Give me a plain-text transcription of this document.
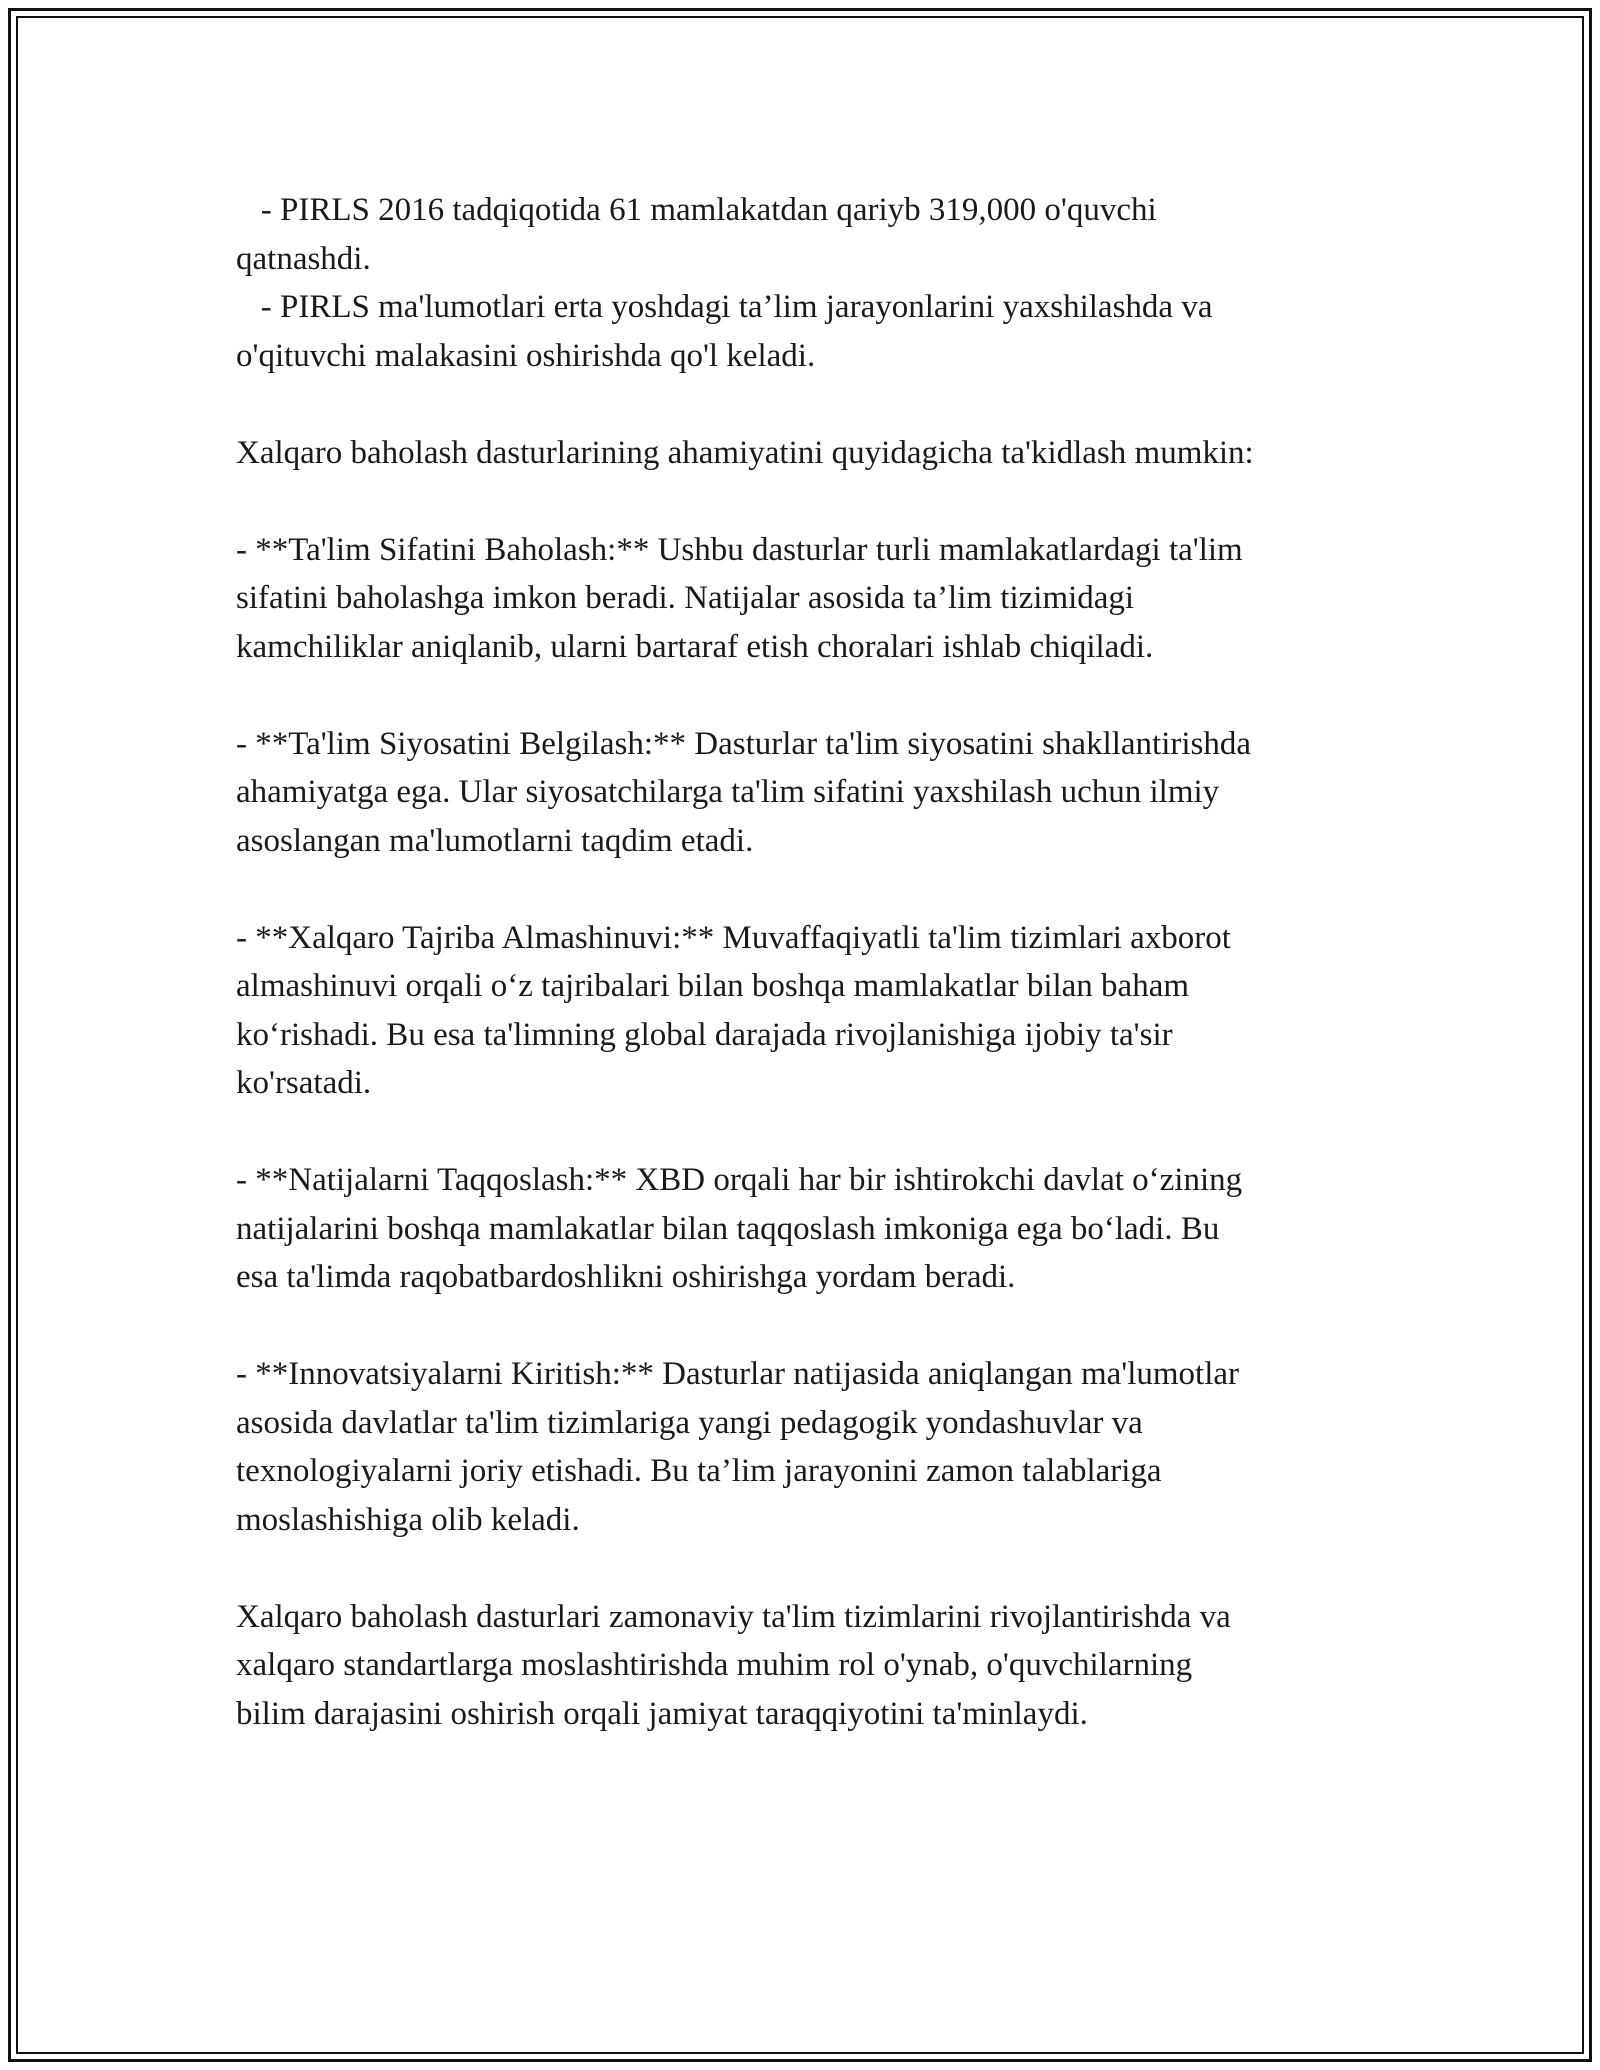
- PIRLS 2016 tadqiqotida 61 mamlakatdan qariyb 319,000 o'quvchi
qatnashdi.
- PIRLS ma'lumotlari erta yoshdagi ta’lim jarayonlarini yaxshilashda va
o'qituvchi malakasini oshirishda qo'l keladi.
Xalqaro baholash dasturlarining ahamiyatini quyidagicha ta'kidlash mumkin:
- **Ta'lim Sifatini Baholash:** Ushbu dasturlar turli mamlakatlardagi ta'lim
sifatini baholashga imkon beradi. Natijalar asosida ta’lim tizimidagi
kamchiliklar aniqlanib, ularni bartaraf etish choralari ishlab chiqiladi.
- **Ta'lim Siyosatini Belgilash:** Dasturlar ta'lim siyosatini shakllantirishda
ahamiyatga ega. Ular siyosatchilarga ta'lim sifatini yaxshilash uchun ilmiy
asoslangan ma'lumotlarni taqdim etadi.
- **Xalqaro Tajriba Almashinuvi:** Muvaffaqiyatli ta'lim tizimlari axborot
almashinuvi orqali oʻz tajribalari bilan boshqa mamlakatlar bilan baham
koʻrishadi. Bu esa ta'limning global darajada rivojlanishiga ijobiy ta'sir
ko'rsatadi.
- **Natijalarni Taqqoslash:** XBD orqali har bir ishtirokchi davlat oʻzining
natijalarini boshqa mamlakatlar bilan taqqoslash imkoniga ega boʻladi. Bu
esa ta'limda raqobatbardoshlikni oshirishga yordam beradi.
- **Innovatsiyalarni Kiritish:** Dasturlar natijasida aniqlangan ma'lumotlar
asosida davlatlar ta'lim tizimlariga yangi pedagogik yondashuvlar va
texnologiyalarni joriy etishadi. Bu ta’lim jarayonini zamon talablariga
moslashishiga olib keladi.
Xalqaro baholash dasturlari zamonaviy ta'lim tizimlarini rivojlantirishda va
xalqaro standartlarga moslashtirishda muhim rol o'ynab, o'quvchilarning
bilim darajasini oshirish orqali jamiyat taraqqiyotini ta'minlaydi.
